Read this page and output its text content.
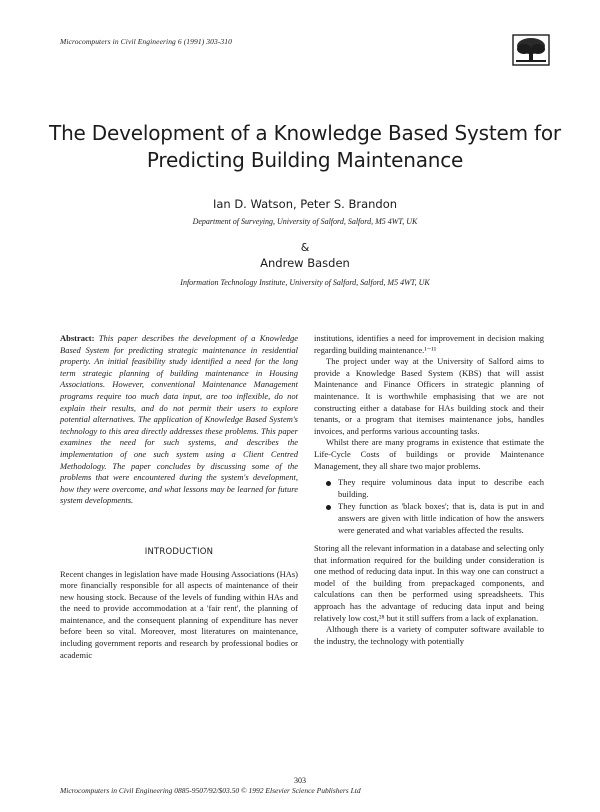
Microcomputers in Civil Engineering 6 (1991) 303-310
The Development of a Knowledge Based System for Predicting Building Maintenance
Ian D. Watson, Peter S. Brandon
Department of Surveying, University of Salford, Salford, M5 4WT, UK
&
Andrew Basden
Information Technology Institute, University of Salford, Salford, M5 4WT, UK

Abstract: This paper describes the development of a Knowledge Based System for predicting strategic maintenance in residential property. An initial feasibility study identified a need for the long term strategic planning of building maintenance in Housing Associations. However, conventional Maintenance Management programs require too much data input, are too inflexible, do not explain their results, and do not permit their users to explore potential alternatives. The application of Knowledge Based System's technology to this area directly addresses these problems. This paper examines the need for such systems, and describes the implementation of one such system using a Client Centred Methodology. The paper concludes by discussing some of the problems that were encountered during the system's development, how they were overcome, and what lessons may be learned for future system developments.

INTRODUCTION

Recent changes in legislation have made Housing Associations (HAs) more financially responsible for all aspects of maintenance of their new housing stock. Because of the levels of funding within HAs and the need to provide accommodation at a 'fair rent', the planning of maintenance, and the consequent planning of expenditure has never before been so vital. Moreover, most literatures on maintenance, including government reports and research by professional bodies or academic

institutions, identifies a need for improvement in decision making regarding building maintenance.¹⁻¹¹

The project under way at the University of Salford aims to provide a Knowledge Based System (KBS) that will assist Maintenance and Finance Officers in strategic planning of maintenance. It is worthwhile emphasising that we are not constructing either a database for HAs building stock and their tenants, or a program that itemises maintenance jobs, handles invoices, and performs various accounting tasks.

Whilst there are many programs in existence that estimate the Life-Cycle Costs of buildings or provide Maintenance Management, they all share two major problems.

They require voluminous data input to describe each building.
They function as 'black boxes'; that is, data is put in and answers are given with little indication of how the answers were generated and what variables affected the results.

Storing all the relevant information in a database and selecting only that information required for the building under consideration is one method of reducing data input. In this way one can construct a model of the building from prepackaged components, and calculations can then be performed using spreadsheets. This approach has the advantage of reducing data input and being relatively low cost,²⁸ but it still suffers from a lack of explanation.

Although there is a variety of computer software available to the industry, the technology with potentially

303
Microcomputers in Civil Engineering 0885-9507/92/$03.50 © 1992 Elsevier Science Publishers Ltd
